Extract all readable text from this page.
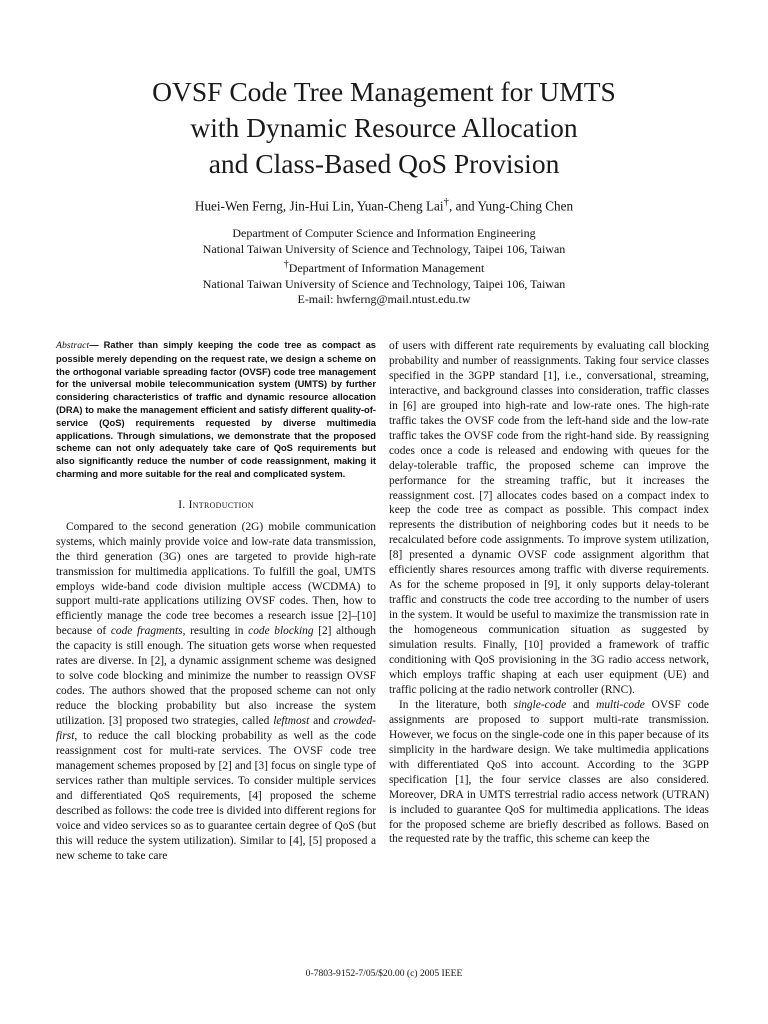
OVSF Code Tree Management for UMTS
with Dynamic Resource Allocation
and Class-Based QoS Provision
Huei-Wen Ferng, Jin-Hui Lin, Yuan-Cheng Lai†, and Yung-Ching Chen
Department of Computer Science and Information Engineering
National Taiwan University of Science and Technology, Taipei 106, Taiwan
†Department of Information Management
National Taiwan University of Science and Technology, Taipei 106, Taiwan
E-mail: hwferng@mail.ntust.edu.tw

Abstract— Rather than simply keeping the code tree as compact as possible merely depending on the request rate, we design a scheme on the orthogonal variable spreading factor (OVSF) code tree management for the universal mobile telecommunication system (UMTS) by further considering characteristics of traffic and dynamic resource allocation (DRA) to make the management efficient and satisfy different quality-of-service (QoS) requirements requested by diverse multimedia applications. Through simulations, we demonstrate that the proposed scheme can not only adequately take care of QoS requirements but also significantly reduce the number of code reassignment, making it charming and more suitable for the real and complicated system.

I. Introduction

Compared to the second generation (2G) mobile communication systems, which mainly provide voice and low-rate data transmission, the third generation (3G) ones are targeted to provide high-rate transmission for multimedia applications. To fulfill the goal, UMTS employs wide-band code division multiple access (WCDMA) to support multi-rate applications utilizing OVSF codes. Then, how to efficiently manage the code tree becomes a research issue [2]–[10] because of code fragments, resulting in code blocking [2] although the capacity is still enough. The situation gets worse when requested rates are diverse. In [2], a dynamic assignment scheme was designed to solve code blocking and minimize the number to reassign OVSF codes. The authors showed that the proposed scheme can not only reduce the blocking probability but also increase the system utilization. [3] proposed two strategies, called leftmost and crowded-first, to reduce the call blocking probability as well as the code reassignment cost for multi-rate services. The OVSF code tree management schemes proposed by [2] and [3] focus on single type of services rather than multiple services. To consider multiple services and differentiated QoS requirements, [4] proposed the scheme described as follows: the code tree is divided into different regions for voice and video services so as to guarantee certain degree of QoS (but this will reduce the system utilization). Similar to [4], [5] proposed a new scheme to take care

of users with different rate requirements by evaluating call blocking probability and number of reassignments. Taking four service classes specified in the 3GPP standard [1], i.e., conversational, streaming, interactive, and background classes into consideration, traffic classes in [6] are grouped into high-rate and low-rate ones. The high-rate traffic takes the OVSF code from the left-hand side and the low-rate traffic takes the OVSF code from the right-hand side. By reassigning codes once a code is released and endowing with queues for the delay-tolerable traffic, the proposed scheme can improve the performance for the streaming traffic, but it increases the reassignment cost. [7] allocates codes based on a compact index to keep the code tree as compact as possible. This compact index represents the distribution of neighboring codes but it needs to be recalculated before code assignments. To improve system utilization, [8] presented a dynamic OVSF code assignment algorithm that efficiently shares resources among traffic with diverse requirements. As for the scheme proposed in [9], it only supports delay-tolerant traffic and constructs the code tree according to the number of users in the system. It would be useful to maximize the transmission rate in the homogeneous communication situation as suggested by simulation results. Finally, [10] provided a framework of traffic conditioning with QoS provisioning in the 3G radio access network, which employs traffic shaping at each user equipment (UE) and traffic policing at the radio network controller (RNC).

In the literature, both single-code and multi-code OVSF code assignments are proposed to support multi-rate transmission. However, we focus on the single-code one in this paper because of its simplicity in the hardware design. We take multimedia applications with differentiated QoS into account. According to the 3GPP specification [1], the four service classes are also considered. Moreover, DRA in UMTS terrestrial radio access network (UTRAN) is included to guarantee QoS for multimedia applications. The ideas for the proposed scheme are briefly described as follows. Based on the requested rate by the traffic, this scheme can keep the

0-7803-9152-7/05/$20.00 (c) 2005 IEEE
